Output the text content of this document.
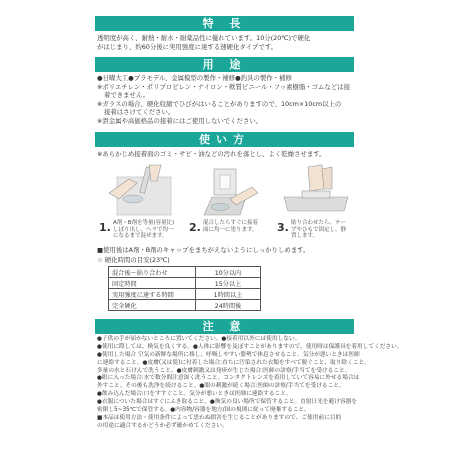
特 長
透明度が高く、耐熱・耐水・耐薬品性に優れています。10分(20℃)で硬化
がはじまり、約60分後に実用強度に達する速硬化タイプです。
用 途
●日曜大工●プラモデル、金属模型の製作・補修●釣具の製作・補修
※ポリエチレン・ポリプロピレン・ナイロン・軟質ビニール・フッ素樹脂・ゴムなどは接
着できません。
※ガラスの場合、硬化収縮でひびがはいることがありますので、10cm×10cm以上の
接着はさけてください。
※貴金属や高価格品の接着にはご使用しないでください。
使い方
※あらかじめ接着面のゴミ・サビ・油などの汚れを落とし、よく乾燥させます。
1. A剤・B剤を等量(容量比)
しぼり出し、ヘラで均一
になるまで混ぜます。
2. 混合したらすぐに接着
面に均一に塗ります。 3. 貼り合わせたら、テー
プやひもで固定し、静
置します。
■使用後はA剤・B剤のキャップをまちがえないようにしっかりしめます。
☆ 硬化時間の目安(23℃)
混合後〜貼り合わせ	10分以内
固定時間	15分以上
実用強度に達する時間	1時間以上
完全硬化	24時間後
注 意
●子供の手が届かないところに置いてください。●接着用以外には使用しない。
●使用に際しては、換気を良くする。●人体に影響を及ぼすことがありますので、使用時は保護具を着用してください。
●使用した場合 空気の新鮮な場所に移し、呼吸しやすい姿勢で休息させること。気分が悪いときは医師
に連絡すること。●皮膚(又は髪)に付着した場合:直ちに汚染された衣類をすべて脱ぐこと、取り除くこと。
多量の水と石けんで洗うこと。●皮膚刺激又は発疹が生じた場合:医師の診察/手当てを受けること。
●眼に入った場合:水で数分間注意深く洗うこと。コンタクトレンズを着用していて容易に外せる場合は
外すこと。その後も洗浄を続けること。●眼の刺激が続く場合:医師の診察/手当てを受けること。
●飲み込んだ場合:口をすすぐこと。気分が悪いときは医師に連絡すること。
●衣服についた場合はすぐにふき取ること。●換気の良い場所で保管すること。直射日光を避け容器を
密閉し5~35℃で保管する。●内容物/容器を地方/国の規則に従って廃棄すること。
■本品は使用方法・使用条件によって思わぬ損害を生じることがありますので、ご使用前に目的
の用途に適合するかどうか必ず確かめてください。
